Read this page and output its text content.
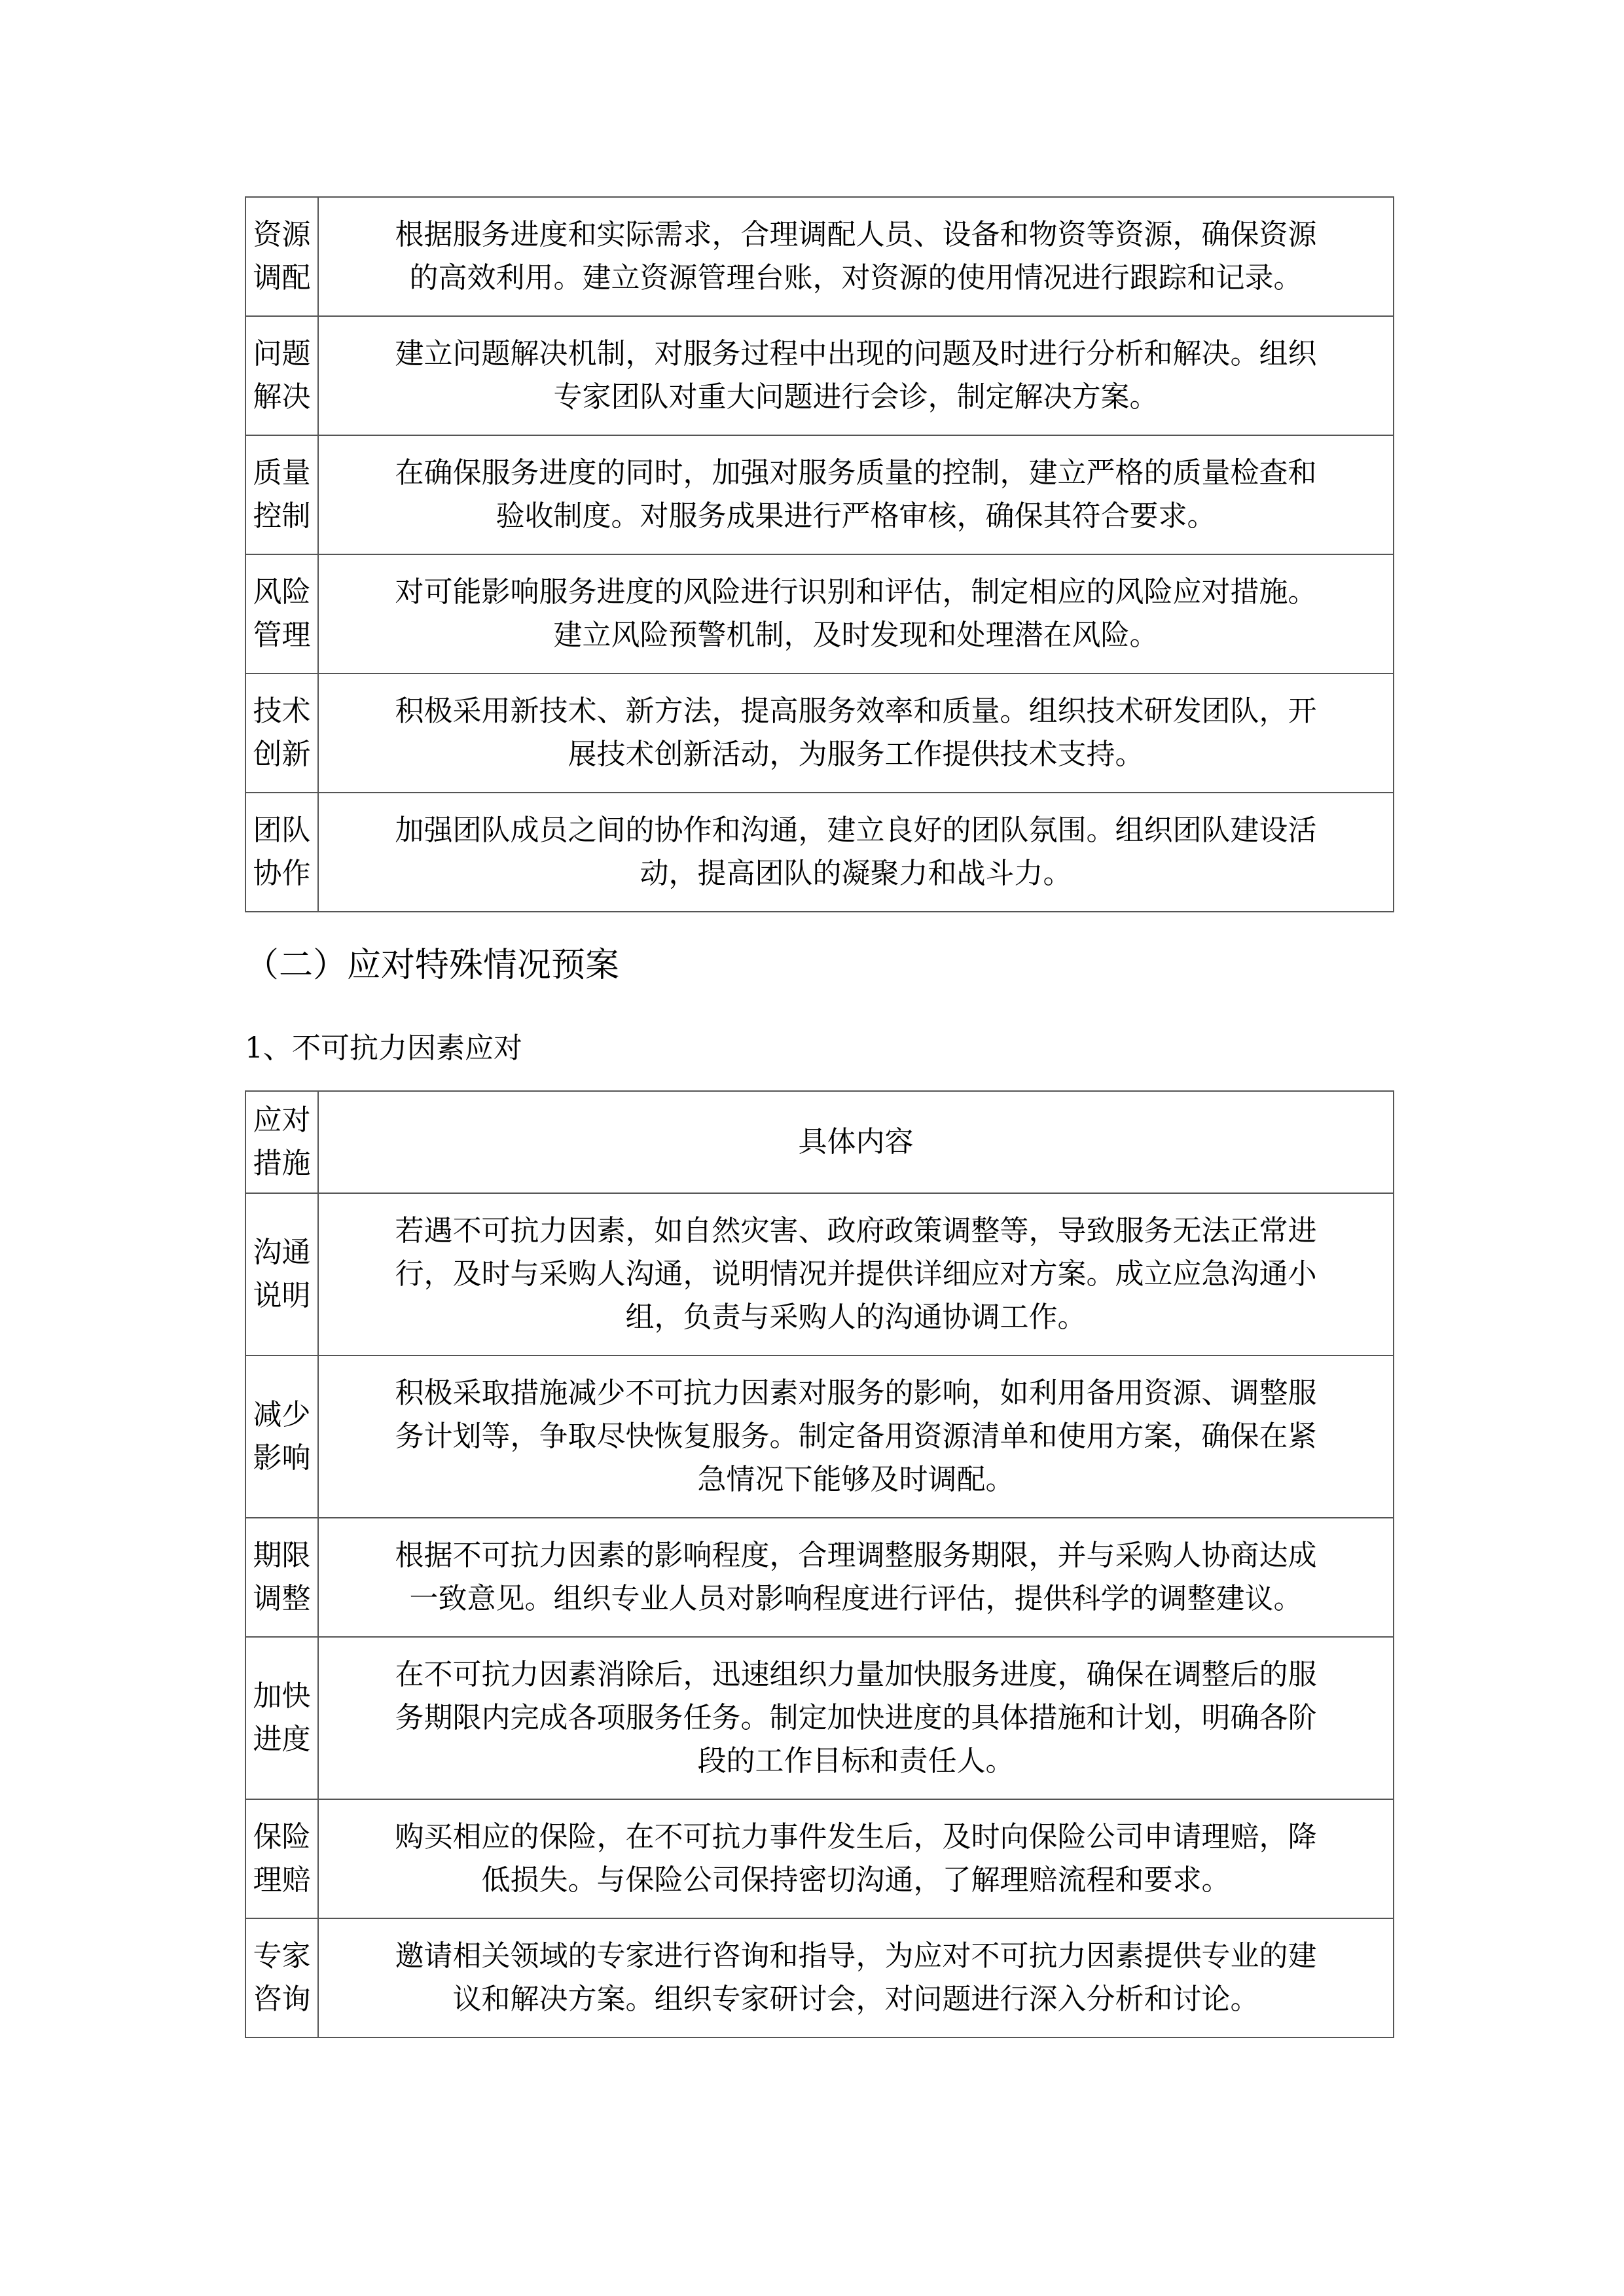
资源
调配	根据服务进度和实际需求，合理调配人员、设备和物资等资源，确保资源
的高效利用。建立资源管理台账，对资源的使用情况进行跟踪和记录。

问题
解决	建立问题解决机制，对服务过程中出现的问题及时进行分析和解决。组织
专家团队对重大问题进行会诊，制定解决方案。

质量
控制	在确保服务进度的同时，加强对服务质量的控制，建立严格的质量检查和
验收制度。对服务成果进行严格审核，确保其符合要求。

风险
管理	对可能影响服务进度的风险进行识别和评估，制定相应的风险应对措施。
建立风险预警机制，及时发现和处理潜在风险。

技术
创新	积极采用新技术、新方法，提高服务效率和质量。组织技术研发团队，开
展技术创新活动，为服务工作提供技术支持。

团队
协作	加强团队成员之间的协作和沟通，建立良好的团队氛围。组织团队建设活
动，提高团队的凝聚力和战斗力。
（二）应对特殊情况预案
1、不可抗力因素应对
应对
措施	具体内容

沟通
说明	若遇不可抗力因素，如自然灾害、政府政策调整等，导致服务无法正常进
行，及时与采购人沟通，说明情况并提供详细应对方案。成立应急沟通小
组，负责与采购人的沟通协调工作。

减少
影响	积极采取措施减少不可抗力因素对服务的影响，如利用备用资源、调整服
务计划等，争取尽快恢复服务。制定备用资源清单和使用方案，确保在紧
急情况下能够及时调配。

期限
调整	根据不可抗力因素的影响程度，合理调整服务期限，并与采购人协商达成
一致意见。组织专业人员对影响程度进行评估，提供科学的调整建议。

加快
进度	在不可抗力因素消除后，迅速组织力量加快服务进度，确保在调整后的服
务期限内完成各项服务任务。制定加快进度的具体措施和计划，明确各阶
段的工作目标和责任人。

保险
理赔	购买相应的保险，在不可抗力事件发生后，及时向保险公司申请理赔，降
低损失。与保险公司保持密切沟通，了解理赔流程和要求。

专家
咨询	邀请相关领域的专家进行咨询和指导，为应对不可抗力因素提供专业的建
议和解决方案。组织专家研讨会，对问题进行深入分析和讨论。
